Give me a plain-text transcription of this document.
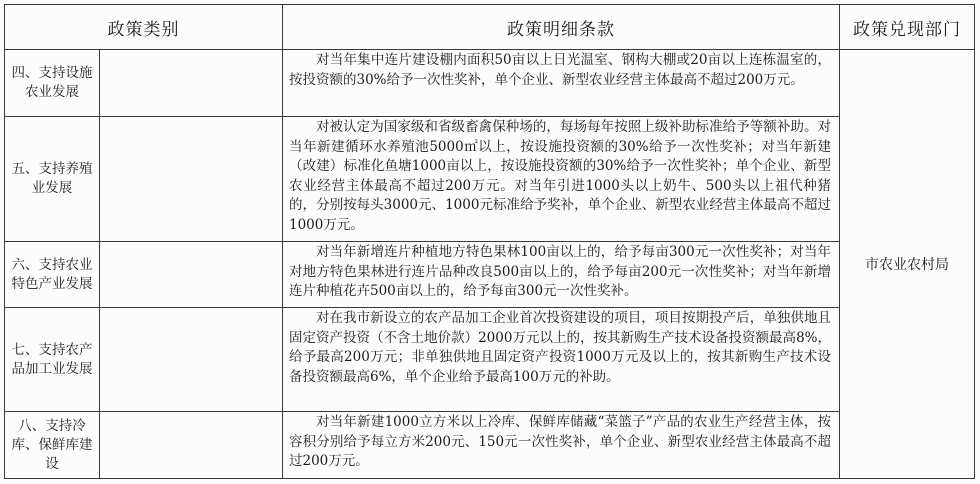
政策类别		政策明细条款	政策兑现部门
四、支持设施农业发展		对当年集中连片建设棚内面积50亩以上日光温室、钢构大棚或20亩以上连栋温室的，按投资额的30%给予一次性奖补，单个企业、新型农业经营主体最高不超过200万元。	市农业农村局
五、支持养殖业发展		对被认定为国家级和省级畜禽保种场的，每场每年按照上级补助标准给予等额补助。对当年新建循环水养殖池5000㎡以上，按设施投资额的30%给予一次性奖补；对当年新建（改建）标准化鱼塘1000亩以上，按设施投资额的30%给予一次性奖补；单个企业、新型农业经营主体最高不超过200万元。对当年引进1000头以上奶牛、500头以上祖代种猪的，分别按每头3000元、1000元标准给予奖补，单个企业、新型农业经营主体最高不超过1000万元。	

六、支持农业特色产业发展		对当年新增连片种植地方特色果林100亩以上的，给予每亩300元一次性奖补；对当年对地方特色果林进行连片品种改良500亩以上的，给予每亩200元一次性奖补；对当年新增连片种植花卉500亩以上的，给予每亩300元一次性奖补。	

七、支持农产品加工业发展		对在我市新设立的农产品加工企业首次投资建设的项目，项目按期投产后，单独供地且固定资产投资（不含土地价款）2000万元以上的，按其新购生产技术设备投资额最高8%，给予最高200万元；非单独供地且固定资产投资1000万元及以上的，按其新购生产技术设备投资额最高6%，单个企业给予最高100万元的补助。	

八、支持冷库、保鲜库建设		对当年新建1000立方米以上冷库、保鲜库储藏“菜篮子”产品的农业生产经营主体，按容积分别给予每立方米200元、150元一次性奖补，单个企业、新型农业经营主体最高不超过200万元。	
